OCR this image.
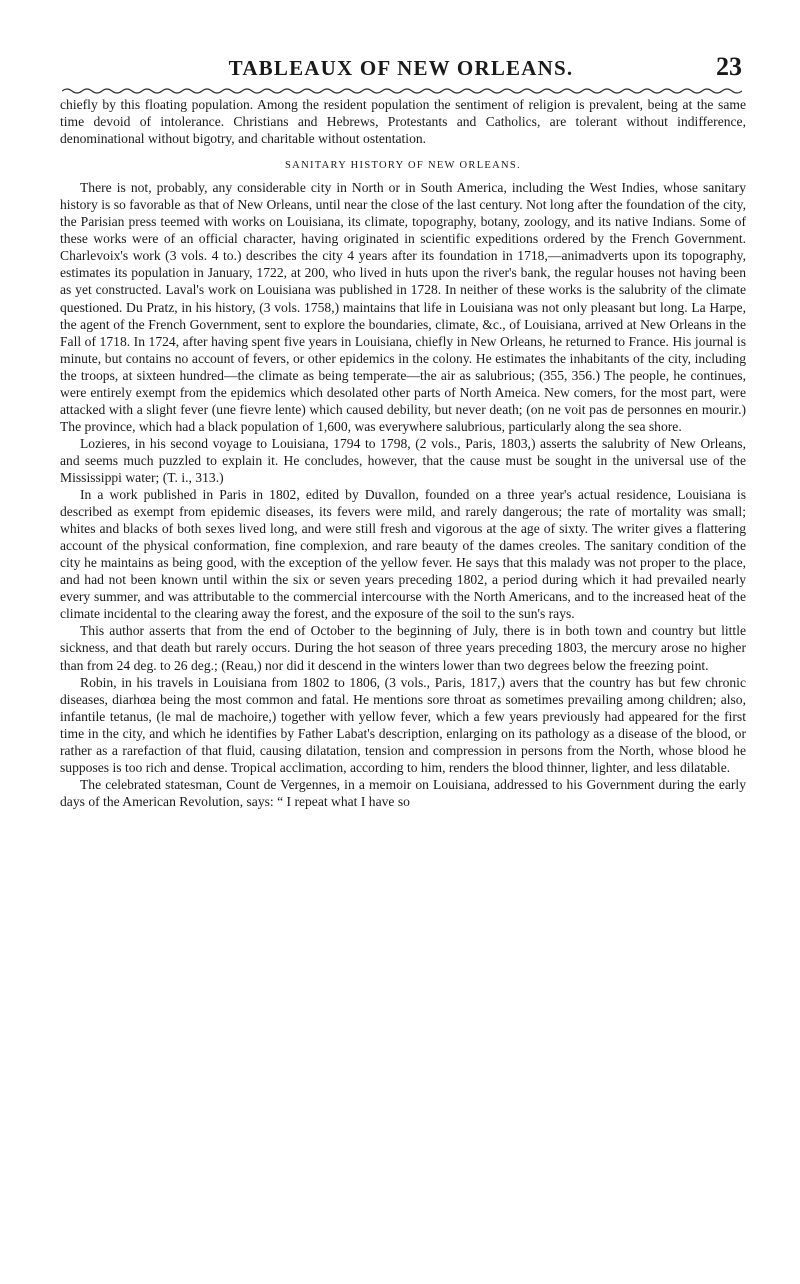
TABLEAUX OF NEW ORLEANS.	23

chiefly by this floating population. Among the resident population the sentiment of religion is prevalent, being at the same time devoid of intolerance. Christians and Hebrews, Protestants and Catholics, are tolerant without indifference, denominational without bigotry, and charitable without ostentation.

SANITARY HISTORY OF NEW ORLEANS.

There is not, probably, any considerable city in North or in South America, including the West Indies, whose sanitary history is so favorable as that of New Orleans, until near the close of the last century. Not long after the foundation of the city, the Parisian press teemed with works on Louisiana, its climate, topography, botany, zoology, and its native Indians. Some of these works were of an official character, having originated in scientific expeditions ordered by the French Government. Charlevoix's work (3 vols. 4 to.) describes the city 4 years after its foundation in 1718,—animadverts upon its topography, estimates its population in January, 1722, at 200, who lived in huts upon the river's bank, the regular houses not having been as yet constructed. Laval's work on Louisiana was published in 1728. In neither of these works is the salubrity of the climate questioned. Du Pratz, in his history, (3 vols. 1758,) maintains that life in Louisiana was not only pleasant but long. La Harpe, the agent of the French Government, sent to explore the boundaries, climate, &c., of Louisiana, arrived at New Orleans in the Fall of 1718. In 1724, after having spent five years in Louisiana, chiefly in New Orleans, he returned to France. His journal is minute, but contains no account of fevers, or other epidemics in the colony. He estimates the inhabitants of the city, including the troops, at sixteen hundred—the climate as being temperate—the air as salubrious; (355, 356.) The people, he continues, were entirely exempt from the epidemics which desolated other parts of North Ameica. New comers, for the most part, were attacked with a slight fever (une fievre lente) which caused debility, but never death; (on ne voit pas de personnes en mourir.) The province, which had a black population of 1,600, was everywhere salubrious, particularly along the sea shore.

Lozieres, in his second voyage to Louisiana, 1794 to 1798, (2 vols., Paris, 1803,) asserts the salubrity of New Orleans, and seems much puzzled to explain it. He concludes, however, that the cause must be sought in the universal use of the Mississippi water; (T. i., 313.)

In a work published in Paris in 1802, edited by Duvallon, founded on a three year's actual residence, Louisiana is described as exempt from epidemic diseases, its fevers were mild, and rarely dangerous; the rate of mortality was small; whites and blacks of both sexes lived long, and were still fresh and vigorous at the age of sixty. The writer gives a flattering account of the physical conformation, fine complexion, and rare beauty of the dames creoles. The sanitary condition of the city he maintains as being good, with the exception of the yellow fever. He says that this malady was not proper to the place, and had not been known until within the six or seven years preceding 1802, a period during which it had prevailed nearly every summer, and was attributable to the commercial intercourse with the North Americans, and to the increased heat of the climate incidental to the clearing away the forest, and the exposure of the soil to the sun's rays.

This author asserts that from the end of October to the beginning of July, there is in both town and country but little sickness, and that death but rarely occurs. During the hot season of three years preceding 1803, the mercury arose no higher than from 24 deg. to 26 deg.; (Reau,) nor did it descend in the winters lower than two degrees below the freezing point.

Robin, in his travels in Louisiana from 1802 to 1806, (3 vols., Paris, 1817,) avers that the country has but few chronic diseases, diarhœa being the most common and fatal. He mentions sore throat as sometimes prevailing among children; also, infantile tetanus, (le mal de machoire,) together with yellow fever, which a few years previously had appeared for the first time in the city, and which he identifies by Father Labat's description, enlarging on its pathology as a disease of the blood, or rather as a rarefaction of that fluid, causing dilatation, tension and compression in persons from the North, whose blood he supposes is too rich and dense. Tropical acclimation, according to him, renders the blood thinner, lighter, and less dilatable.

The celebrated statesman, Count de Vergennes, in a memoir on Louisiana, addressed to his Government during the early days of the American Revolution, says: “ I repeat what I have so
